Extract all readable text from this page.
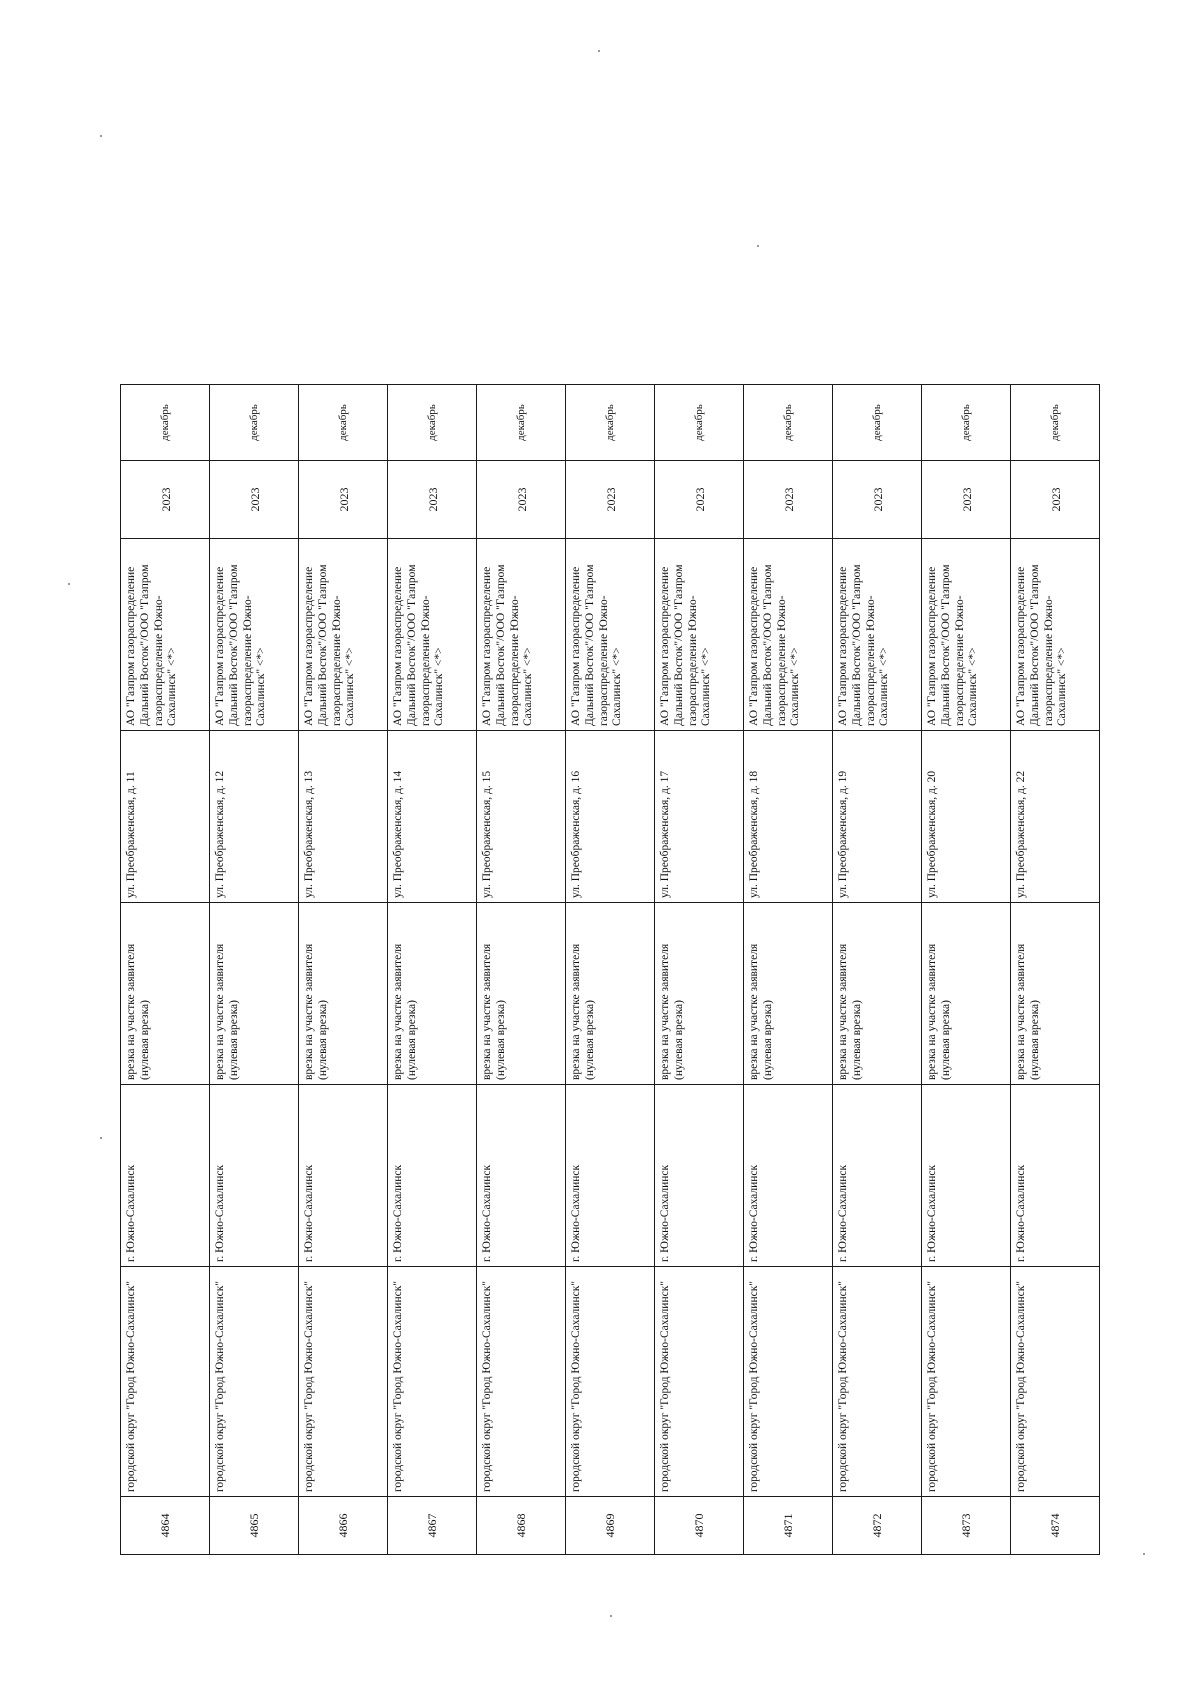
4864	городской округ "Город Южно-Сахалинск"	г. Южно-Сахалинск	врезка на участке заявителя (нулевая врезка)	ул. Преображенская, д. 11	АО "Газпром газораспределение Дальний Восток"/ООО "Газпром газораспределение Южно-Сахалинск" <*>	2023	декабрь
4865	городской округ "Город Южно-Сахалинск"	г. Южно-Сахалинск	врезка на участке заявителя (нулевая врезка)	ул. Преображенская, д. 12	АО "Газпром газораспределение Дальний Восток"/ООО "Газпром газораспределение Южно-Сахалинск" <*>	2023	декабрь
4866	городской округ "Город Южно-Сахалинск"	г. Южно-Сахалинск	врезка на участке заявителя (нулевая врезка)	ул. Преображенская, д. 13	АО "Газпром газораспределение Дальний Восток"/ООО "Газпром газораспределение Южно-Сахалинск" <*>	2023	декабрь
4867	городской округ "Город Южно-Сахалинск"	г. Южно-Сахалинск	врезка на участке заявителя (нулевая врезка)	ул. Преображенская, д. 14	АО "Газпром газораспределение Дальний Восток"/ООО "Газпром газораспределение Южно-Сахалинск" <*>	2023	декабрь
4868	городской округ "Город Южно-Сахалинск"	г. Южно-Сахалинск	врезка на участке заявителя (нулевая врезка)	ул. Преображенская, д. 15	АО "Газпром газораспределение Дальний Восток"/ООО "Газпром газораспределение Южно-Сахалинск" <*>	2023	декабрь
4869	городской округ "Город Южно-Сахалинск"	г. Южно-Сахалинск	врезка на участке заявителя (нулевая врезка)	ул. Преображенская, д. 16	АО "Газпром газораспределение Дальний Восток"/ООО "Газпром газораспределение Южно-Сахалинск" <*>	2023	декабрь
4870	городской округ "Город Южно-Сахалинск"	г. Южно-Сахалинск	врезка на участке заявителя (нулевая врезка)	ул. Преображенская, д. 17	АО "Газпром газораспределение Дальний Восток"/ООО "Газпром газораспределение Южно-Сахалинск" <*>	2023	декабрь
4871	городской округ "Город Южно-Сахалинск"	г. Южно-Сахалинск	врезка на участке заявителя (нулевая врезка)	ул. Преображенская, д. 18	АО "Газпром газораспределение Дальний Восток"/ООО "Газпром газораспределение Южно-Сахалинск" <*>	2023	декабрь
4872	городской округ "Город Южно-Сахалинск"	г. Южно-Сахалинск	врезка на участке заявителя (нулевая врезка)	ул. Преображенская, д. 19	АО "Газпром газораспределение Дальний Восток"/ООО "Газпром газораспределение Южно-Сахалинск" <*>	2023	декабрь
4873	городской округ "Город Южно-Сахалинск"	г. Южно-Сахалинск	врезка на участке заявителя (нулевая врезка)	ул. Преображенская, д. 20	АО "Газпром газораспределение Дальний Восток"/ООО "Газпром газораспределение Южно-Сахалинск" <*>	2023	декабрь
4874	городской округ "Город Южно-Сахалинск"	г. Южно-Сахалинск	врезка на участке заявителя (нулевая врезка)	ул. Преображенская, д. 22	АО "Газпром газораспределение Дальний Восток"/ООО "Газпром газораспределение Южно-Сахалинск" <*>	2023	декабрь
